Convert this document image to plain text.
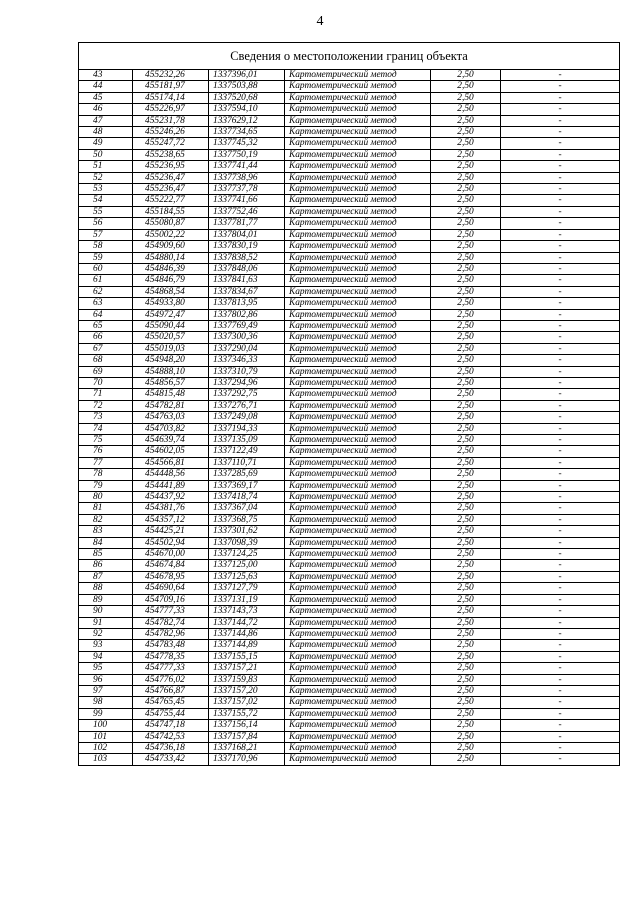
4
Сведения о местоположении границ объекта					
43	455232,26	1337396,01	Картометрический метод	2,50	-
44	455181,97	1337503,88	Картометрический метод	2,50	-
45	455174,14	1337520,68	Картометрический метод	2,50	-
46	455226,97	1337594,10	Картометрический метод	2,50	-
47	455231,78	1337629,12	Картометрический метод	2,50	-
48	455246,26	1337734,65	Картометрический метод	2,50	-
49	455247,72	1337745,32	Картометрический метод	2,50	-
50	455238,65	1337750,19	Картометрический метод	2,50	-
51	455236,95	1337741,44	Картометрический метод	2,50	-
52	455236,47	1337738,96	Картометрический метод	2,50	-
53	455236,47	1337737,78	Картометрический метод	2,50	-
54	455222,77	1337741,66	Картометрический метод	2,50	-
55	455184,55	1337752,46	Картометрический метод	2,50	-
56	455080,87	1337781,77	Картометрический метод	2,50	-
57	455002,22	1337804,01	Картометрический метод	2,50	-
58	454909,60	1337830,19	Картометрический метод	2,50	-
59	454880,14	1337838,52	Картометрический метод	2,50	-
60	454846,39	1337848,06	Картометрический метод	2,50	-
61	454846,79	1337841,63	Картометрический метод	2,50	-
62	454868,54	1337834,67	Картометрический метод	2,50	-
63	454933,80	1337813,95	Картометрический метод	2,50	-
64	454972,47	1337802,86	Картометрический метод	2,50	-
65	455090,44	1337769,49	Картометрический метод	2,50	-
66	455020,57	1337300,36	Картометрический метод	2,50	-
67	455019,03	1337290,04	Картометрический метод	2,50	-
68	454948,20	1337346,33	Картометрический метод	2,50	-
69	454888,10	1337310,79	Картометрический метод	2,50	-
70	454856,57	1337294,96	Картометрический метод	2,50	-
71	454815,48	1337292,75	Картометрический метод	2,50	-
72	454782,81	1337276,71	Картометрический метод	2,50	-
73	454763,03	1337249,08	Картометрический метод	2,50	-
74	454703,82	1337194,33	Картометрический метод	2,50	-
75	454639,74	1337135,09	Картометрический метод	2,50	-
76	454602,05	1337122,49	Картометрический метод	2,50	-
77	454566,81	1337110,71	Картометрический метод	2,50	-
78	454448,56	1337285,69	Картометрический метод	2,50	-
79	454441,89	1337369,17	Картометрический метод	2,50	-
80	454437,92	1337418,74	Картометрический метод	2,50	-
81	454381,76	1337367,04	Картометрический метод	2,50	-
82	454357,12	1337368,75	Картометрический метод	2,50	-
83	454425,21	1337301,62	Картометрический метод	2,50	-
84	454502,94	1337098,39	Картометрический метод	2,50	-
85	454670,00	1337124,25	Картометрический метод	2,50	-
86	454674,84	1337125,00	Картометрический метод	2,50	-
87	454678,95	1337125,63	Картометрический метод	2,50	-
88	454690,64	1337127,79	Картометрический метод	2,50	-
89	454709,16	1337131,19	Картометрический метод	2,50	-
90	454777,33	1337143,73	Картометрический метод	2,50	-
91	454782,74	1337144,72	Картометрический метод	2,50	-
92	454782,96	1337144,86	Картометрический метод	2,50	-
93	454783,48	1337144,89	Картометрический метод	2,50	-
94	454778,35	1337155,15	Картометрический метод	2,50	-
95	454777,33	1337157,21	Картометрический метод	2,50	-
96	454776,02	1337159,83	Картометрический метод	2,50	-
97	454766,87	1337157,20	Картометрический метод	2,50	-
98	454765,45	1337157,02	Картометрический метод	2,50	-
99	454755,44	1337155,72	Картометрический метод	2,50	-
100	454747,18	1337156,14	Картометрический метод	2,50	-
101	454742,53	1337157,84	Картометрический метод	2,50	-
102	454736,18	1337168,21	Картометрический метод	2,50	-
103	454733,42	1337170,96	Картометрический метод	2,50	-
